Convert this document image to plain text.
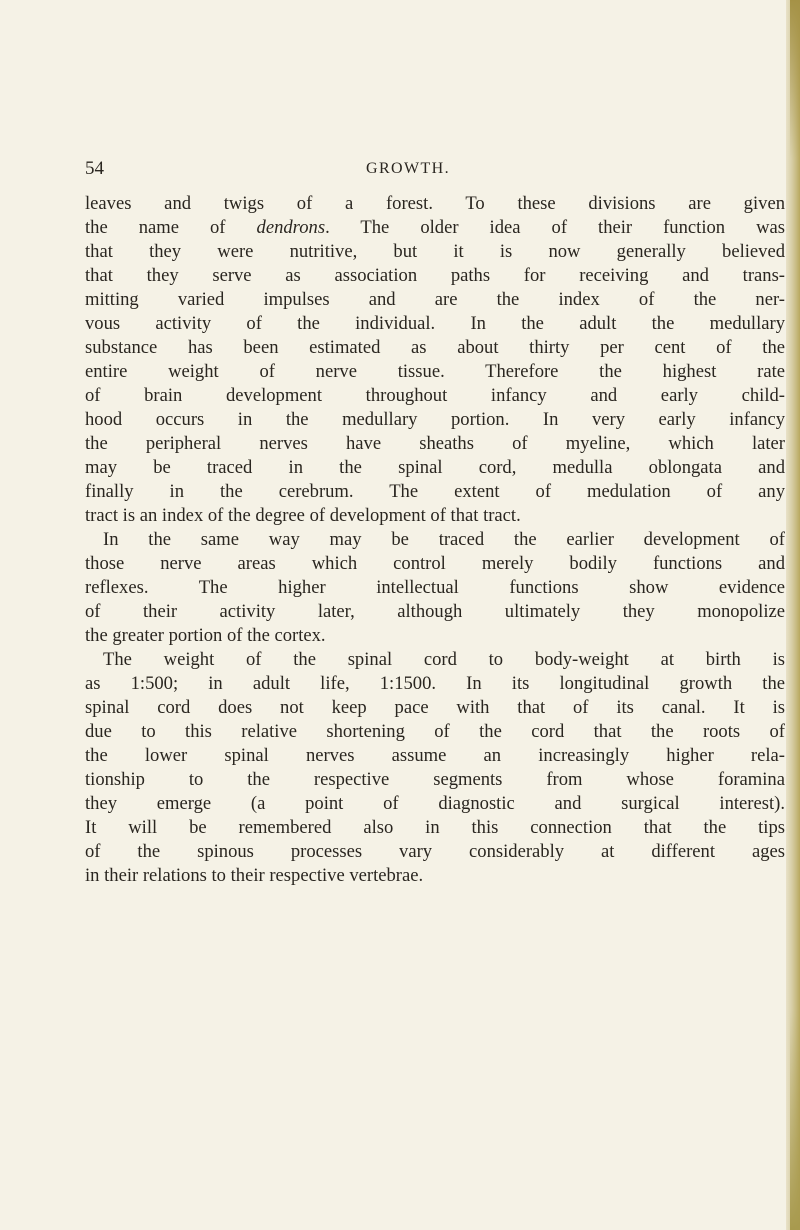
54	GROWTH.
leaves and twigs of a forest. To these divisions are given
the name of dendrons. The older idea of their function was
that they were nutritive, but it is now generally believed
that they serve as association paths for receiving and trans-
mitting varied impulses and are the index of the ner-
vous activity of the individual. In the adult the medullary
substance has been estimated as about thirty per cent of the
entire weight of nerve tissue. Therefore the highest rate
of brain development throughout infancy and early child-
hood occurs in the medullary portion. In very early infancy
the peripheral nerves have sheaths of myeline, which later
may be traced in the spinal cord, medulla oblongata and
finally in the cerebrum. The extent of medulation of any
tract is an index of the degree of development of that tract.
In the same way may be traced the earlier development of
those nerve areas which control merely bodily functions and
reflexes. The higher intellectual functions show evidence
of their activity later, although ultimately they monopolize
the greater portion of the cortex.
The weight of the spinal cord to body-weight at birth is
as 1:500; in adult life, 1:1500. In its longitudinal growth the
spinal cord does not keep pace with that of its canal. It is
due to this relative shortening of the cord that the roots of
the lower spinal nerves assume an increasingly higher rela-
tionship to the respective segments from whose foramina
they emerge (a point of diagnostic and surgical interest).
It will be remembered also in this connection that the tips
of the spinous processes vary considerably at different ages
in their relations to their respective vertebrae.
